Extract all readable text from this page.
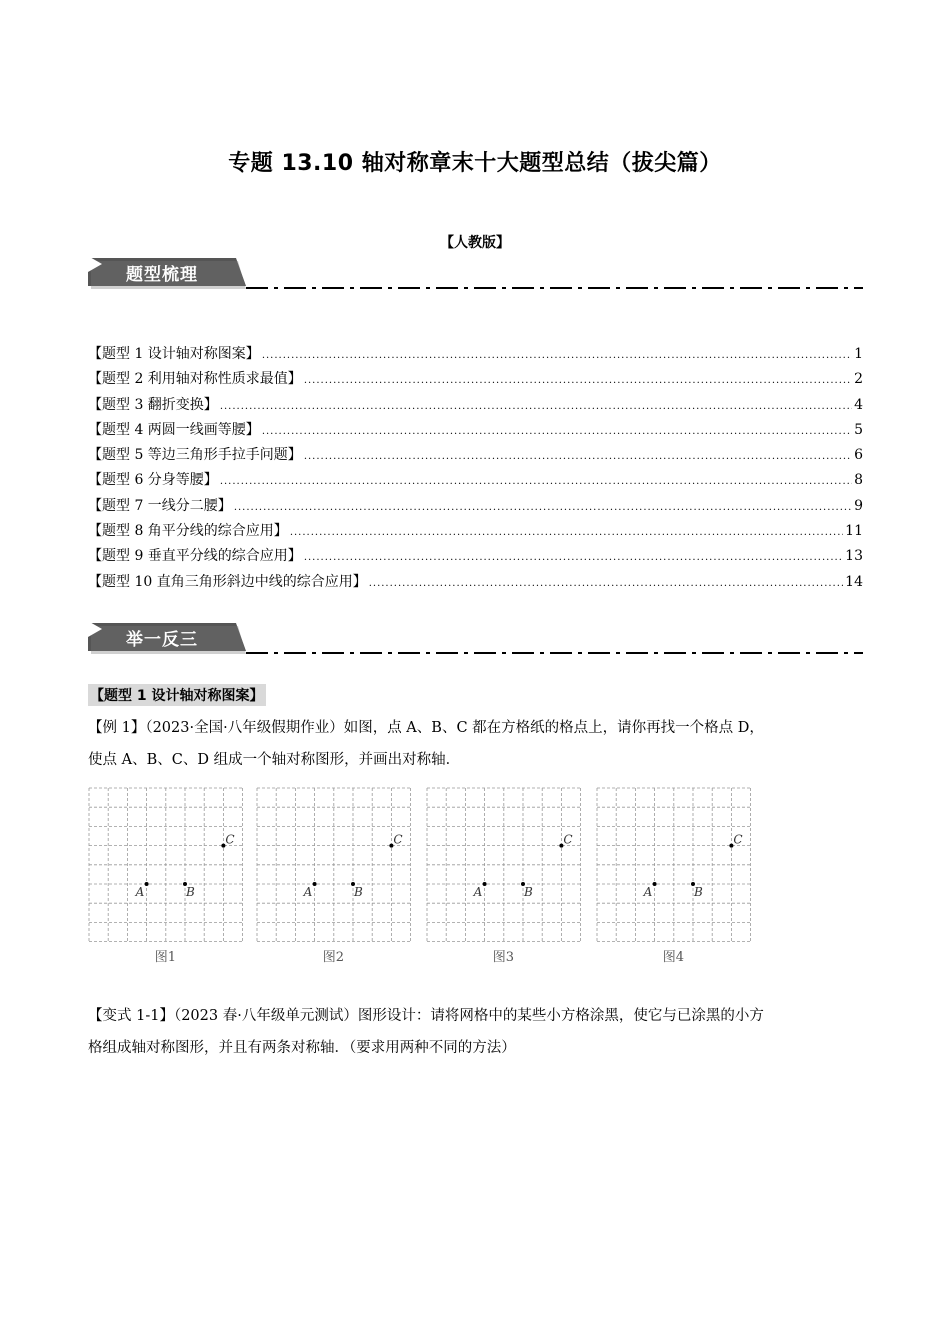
专题 13.10 轴对称章末十大题型总结（拔尖篇）
【人教版】
题型梳理
【题型 1 设计轴对称图案】 .....	1
【题型 2 利用轴对称性质求最值】 .....	2
【题型 3 翻折变换】 .....	4
【题型 4 两圆一线画等腰】 .....	5
【题型 5 等边三角形手拉手问题】 .....	6
【题型 6 分身等腰】 .....	8
【题型 7 一线分二腰】 .....	9
【题型 8 角平分线的综合应用】 .....	11
【题型 9 垂直平分线的综合应用】 .....	13
【题型 10 直角三角形斜边中线的综合应用】 .....	14
举一反三
【题型 1 设计轴对称图案】
【例 1】（2023·全国·八年级假期作业）如图，点 A、B、C 都在方格纸的格点上，请你再找一个格点 D，
使点 A、B、C、D 组成一个轴对称图形，并画出对称轴．
A	B
C
图1
A	B
C
图2
A	B
C
图3
A	B
C
图4
【变式 1-1】（2023 春·八年级单元测试）图形设计：请将网格中的某些小方格涂黑，使它与已涂黑的小方
格组成轴对称图形，并且有两条对称轴．（要求用两种不同的方法）
